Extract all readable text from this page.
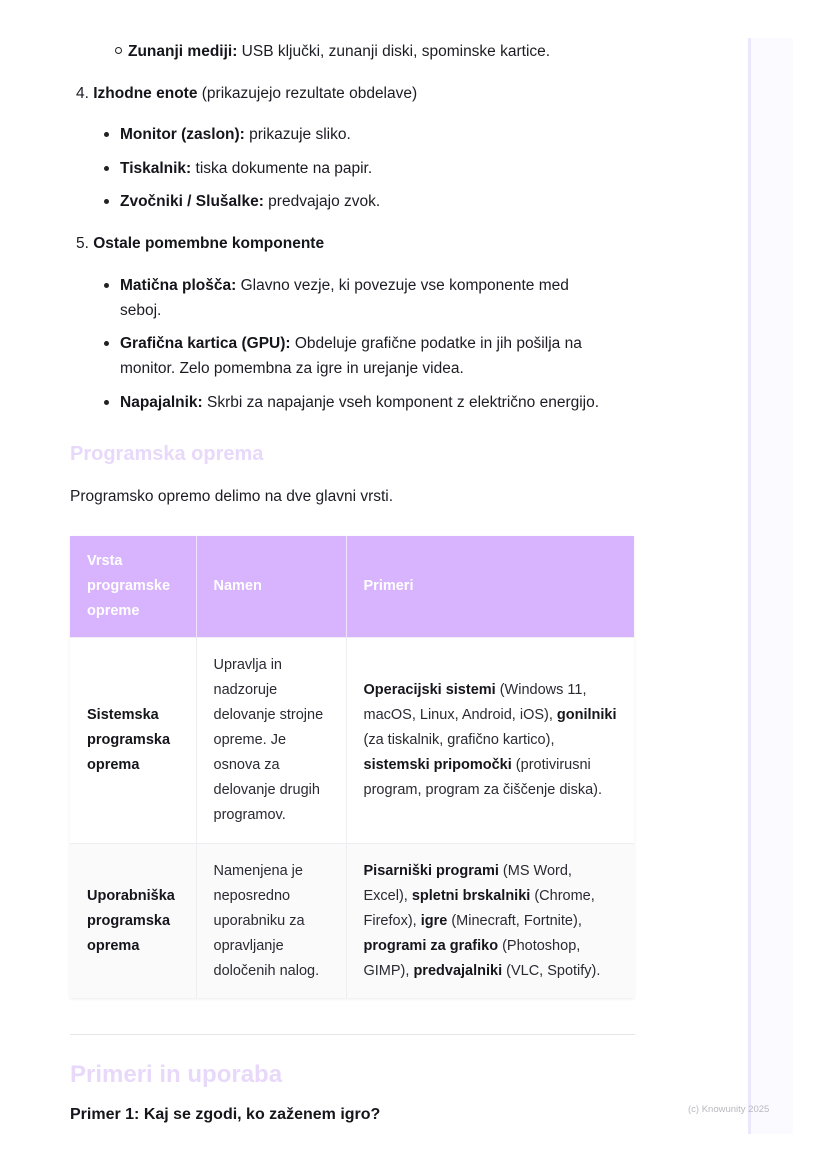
Zunanji mediji: USB ključki, zunanji diski, spominske kartice.
4. Izhodne enote (prikazujejo rezultate obdelave)
Monitor (zaslon): prikazuje sliko.
Tiskalnik: tiska dokumente na papir.
Zvočniki / Slušalke: predvajajo zvok.
5. Ostale pomembne komponente
Matična plošča: Glavno vezje, ki povezuje vse komponente med seboj.
Grafična kartica (GPU): Obdeluje grafične podatke in jih pošilja na monitor. Zelo pomembna za igre in urejanje videa.
Napajalnik: Skrbi za napajanje vseh komponent z električno energijo.
Programska oprema
Programsko opremo delimo na dve glavni vrsti.
Vrsta programske opreme	Namen	Primeri
Sistemska programska oprema	Upravlja in nadzoruje delovanje strojne opreme. Je osnova za delovanje drugih programov.	Operacijski sistemi (Windows 11, macOS, Linux, Android, iOS), gonilniki (za tiskalnik, grafično kartico), sistemski pripomočki (protivirusni program, program za čiščenje diska).
Uporabniška programska oprema	Namenjena je neposredno uporabniku za opravljanje določenih nalog.	Pisarniški programi (MS Word, Excel), spletni brskalniki (Chrome, Firefox), igre (Minecraft, Fortnite), programi za grafiko (Photoshop, GIMP), predvajalniki (VLC, Spotify).
Primeri in uporaba
Primer 1: Kaj se zgodi, ko zaženem igro?	(c) Knowunity 2025
